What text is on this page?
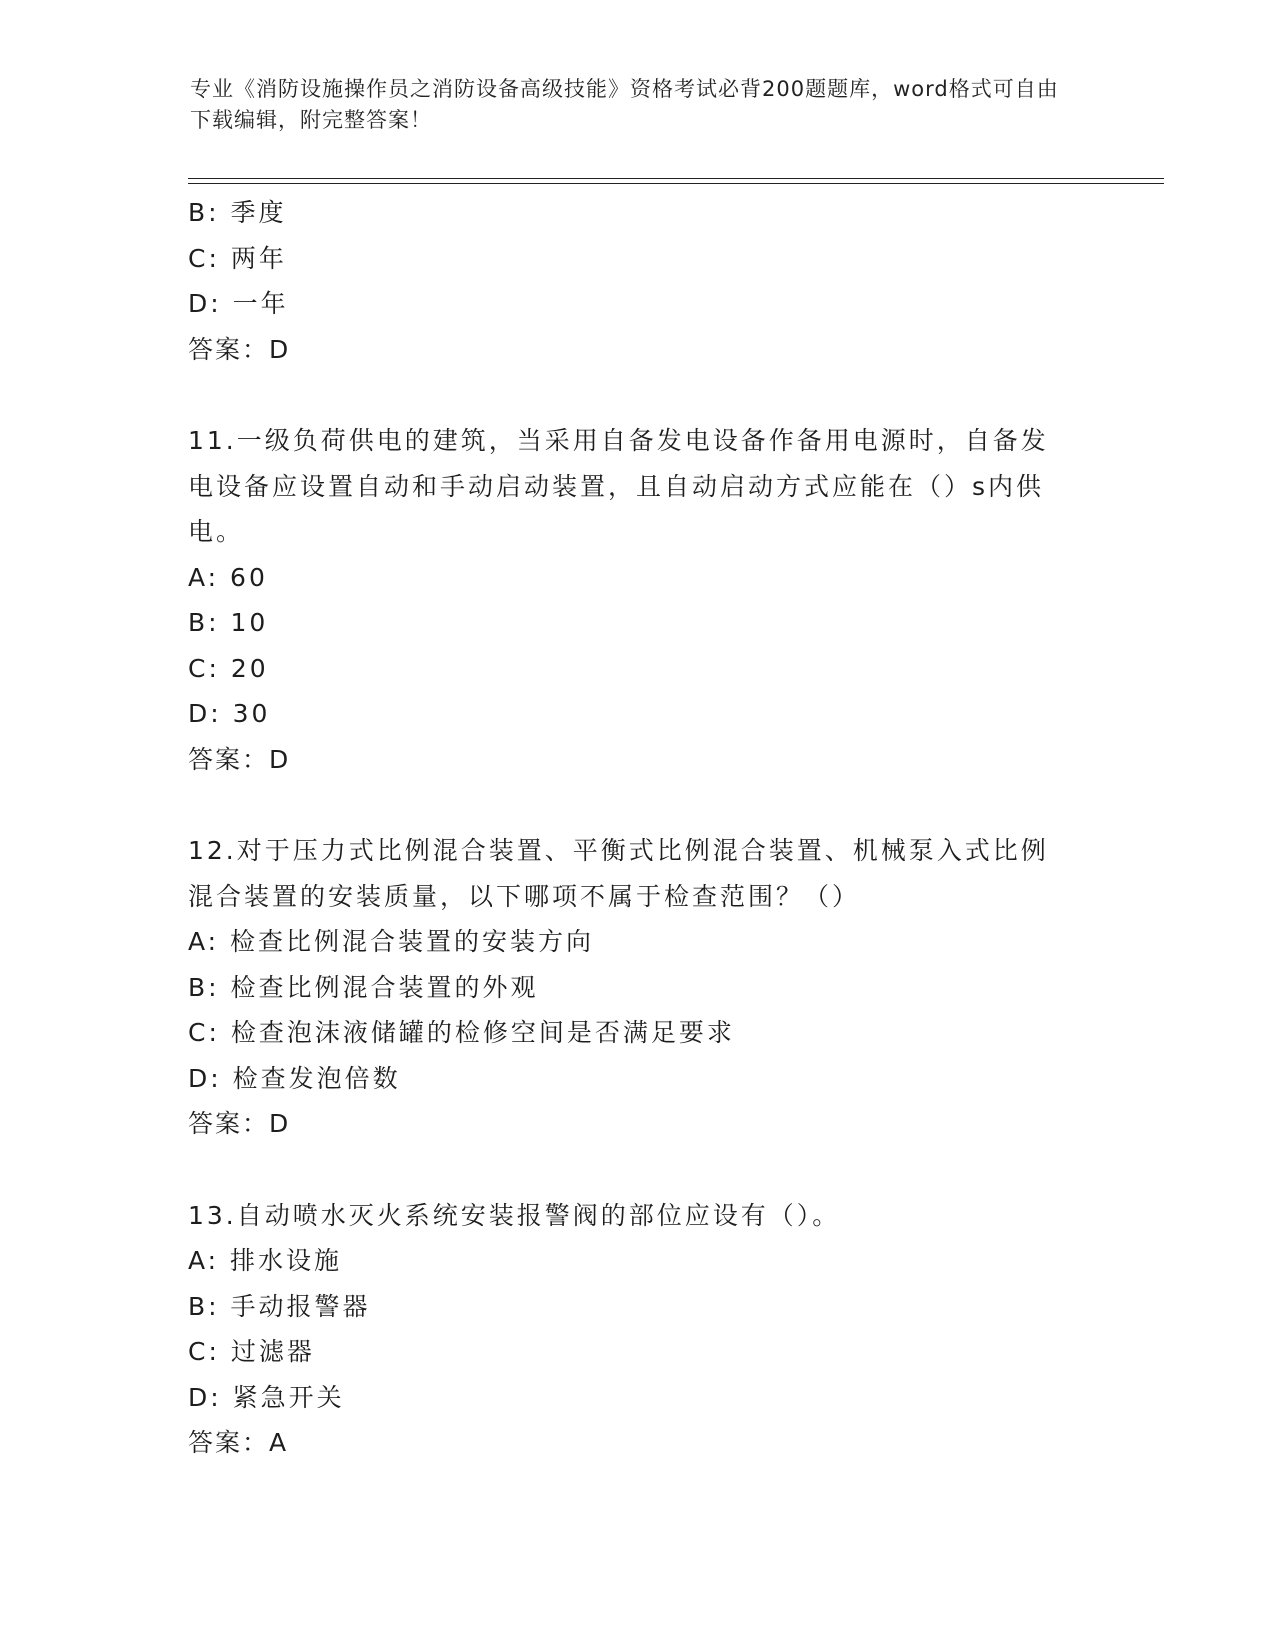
专业《消防设施操作员之消防设备高级技能》资格考试必背200题题库，word格式可自由下载编辑，附完整答案！
B: 季度
C: 两年
D: 一年
答案：D
11.一级负荷供电的建筑，当采用自备发电设备作备用电源时，自备发
电设备应设置自动和手动启动装置，且自动启动方式应能在（）s内供
电。
A: 60
B: 10
C: 20
D: 30
答案：D
12.对于压力式比例混合装置、平衡式比例混合装置、机械泵入式比例
混合装置的安装质量，以下哪项不属于检查范围？（）
A: 检查比例混合装置的安装方向
B: 检查比例混合装置的外观
C: 检查泡沫液储罐的检修空间是否满足要求
D: 检查发泡倍数
答案：D
13.自动喷水灭火系统安装报警阀的部位应设有（）。
A: 排水设施
B: 手动报警器
C: 过滤器
D: 紧急开关
答案：A
